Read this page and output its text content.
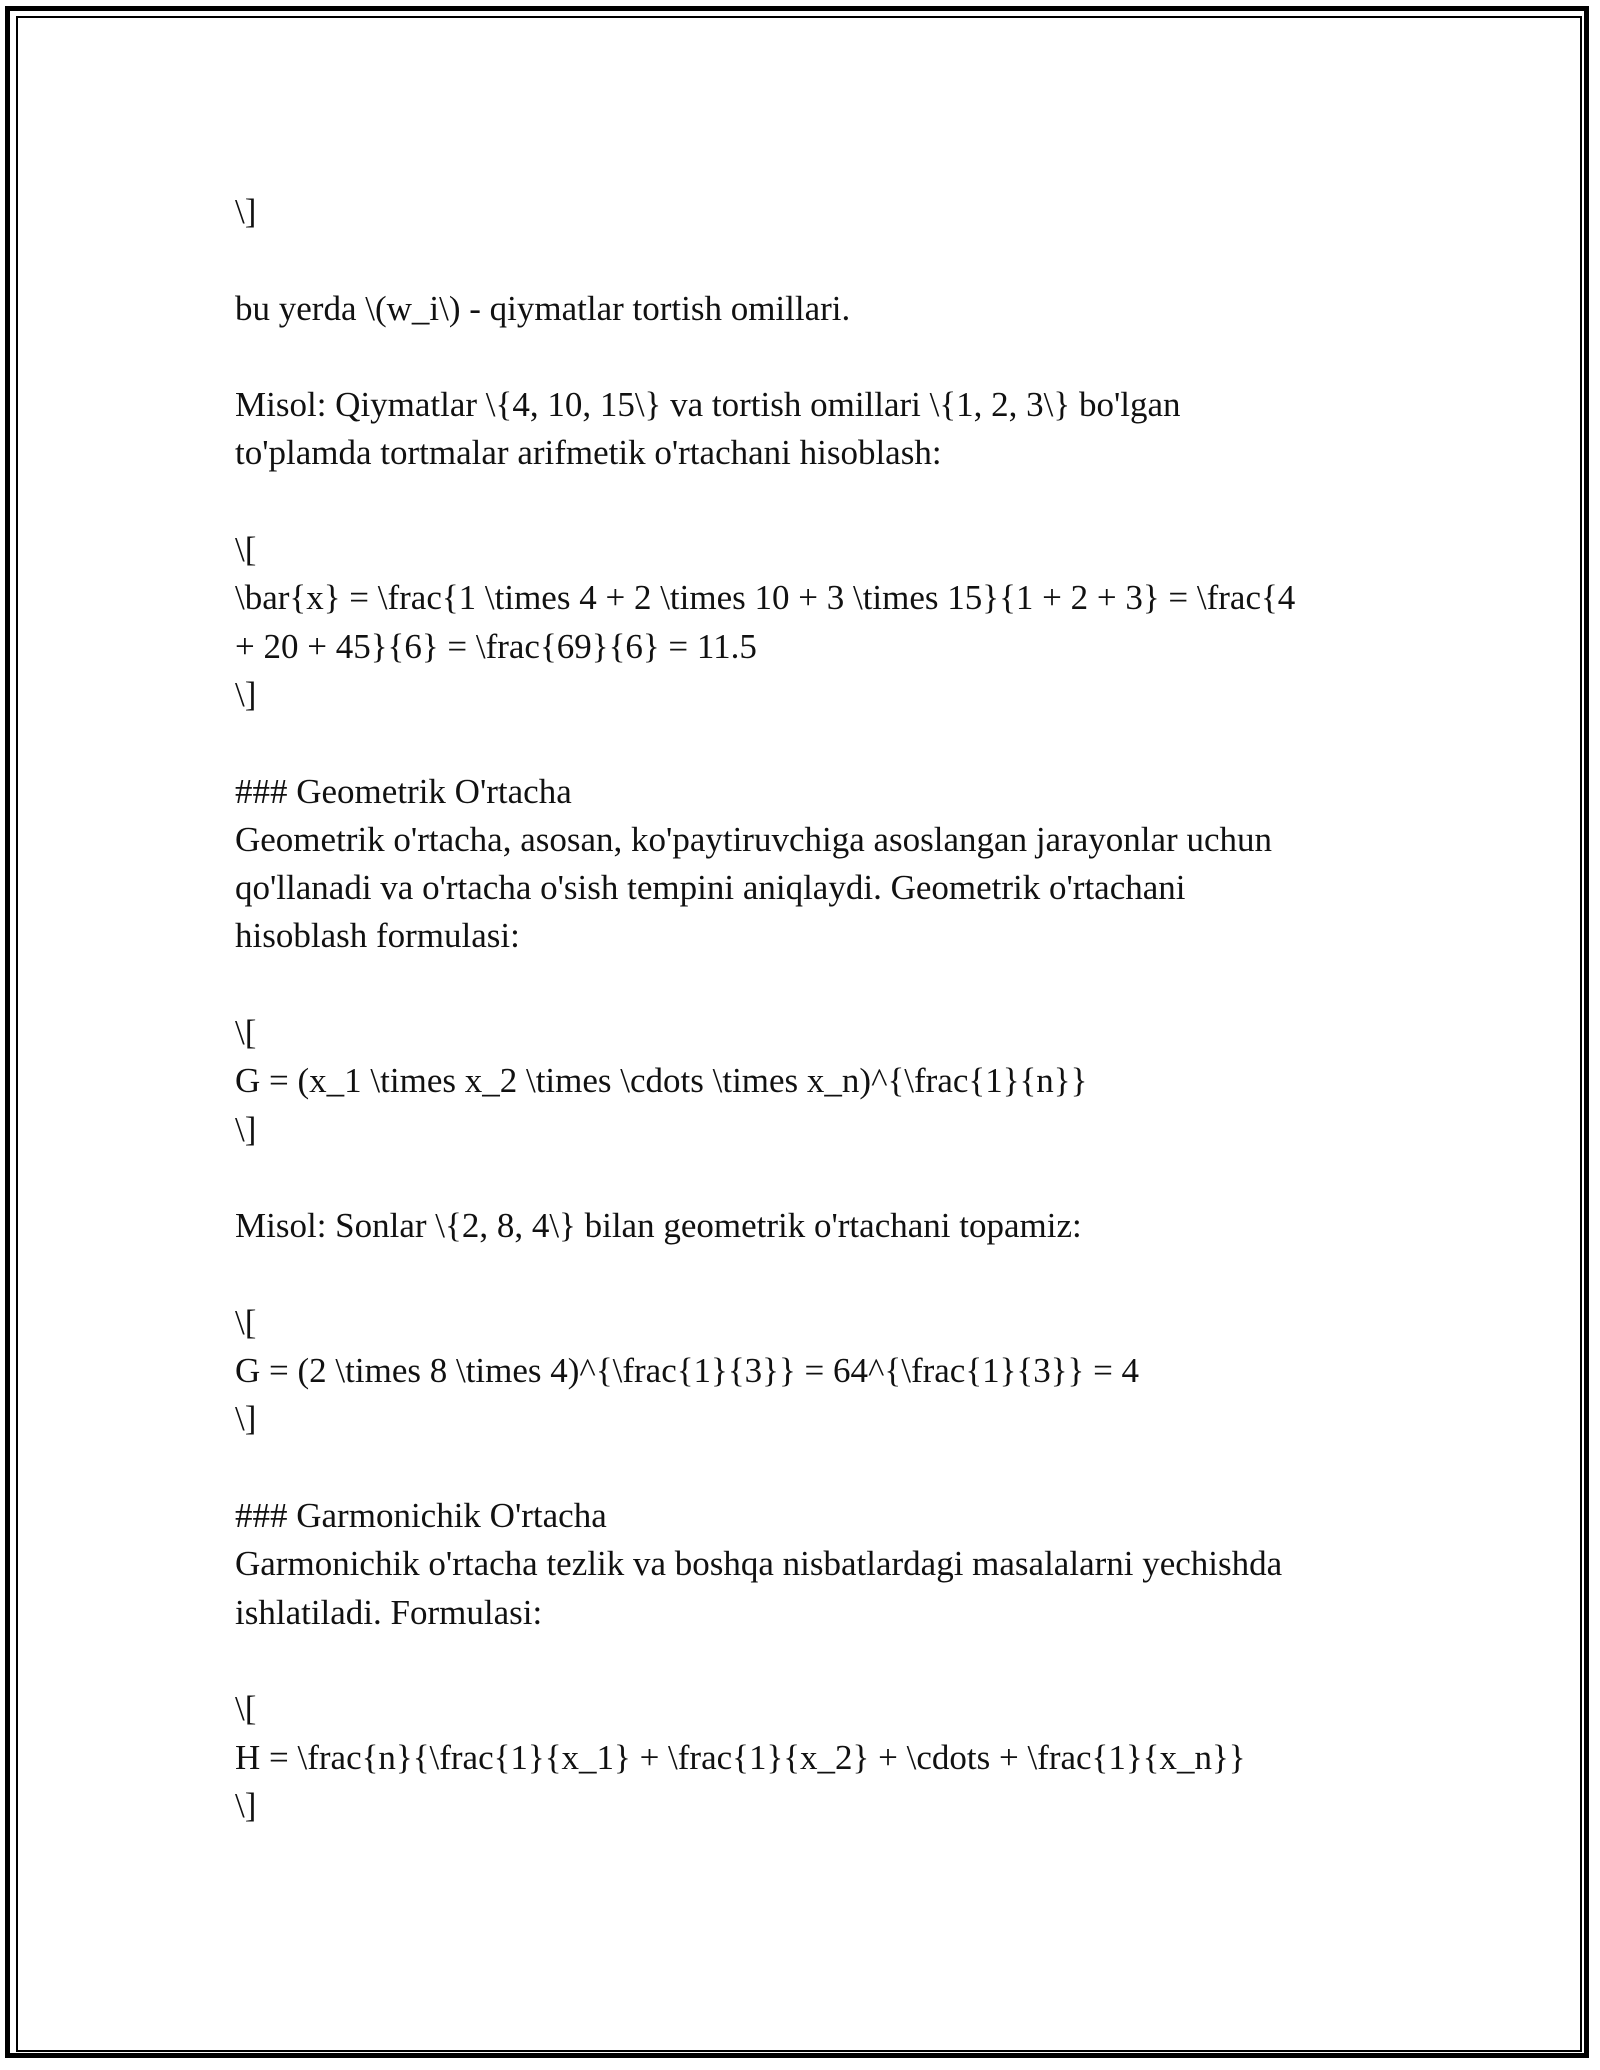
\]
bu yerda \(w_i\) - qiymatlar tortish omillari.
Misol: Qiymatlar \{4, 10, 15\} va tortish omillari \{1, 2, 3\} bo'lgan
to'plamda tortmalar arifmetik o'rtachani hisoblash:
\[
\bar{x} = \frac{1 \times 4 + 2 \times 10 + 3 \times 15}{1 + 2 + 3} = \frac{4
+ 20 + 45}{6} = \frac{69}{6} = 11.5
\]
### Geometrik O'rtacha
Geometrik o'rtacha, asosan, ko'paytiruvchiga asoslangan jarayonlar uchun
qo'llanadi va o'rtacha o'sish tempini aniqlaydi. Geometrik o'rtachani
hisoblash formulasi:
\[
G = (x_1 \times x_2 \times \cdots \times x_n)^{\frac{1}{n}}
\]
Misol: Sonlar \{2, 8, 4\} bilan geometrik o'rtachani topamiz:
\[
G = (2 \times 8 \times 4)^{\frac{1}{3}} = 64^{\frac{1}{3}} = 4
\]
### Garmonichik O'rtacha
Garmonichik o'rtacha tezlik va boshqa nisbatlardagi masalalarni yechishda
ishlatiladi. Formulasi:
\[
H = \frac{n}{\frac{1}{x_1} + \frac{1}{x_2} + \cdots + \frac{1}{x_n}}
\]
